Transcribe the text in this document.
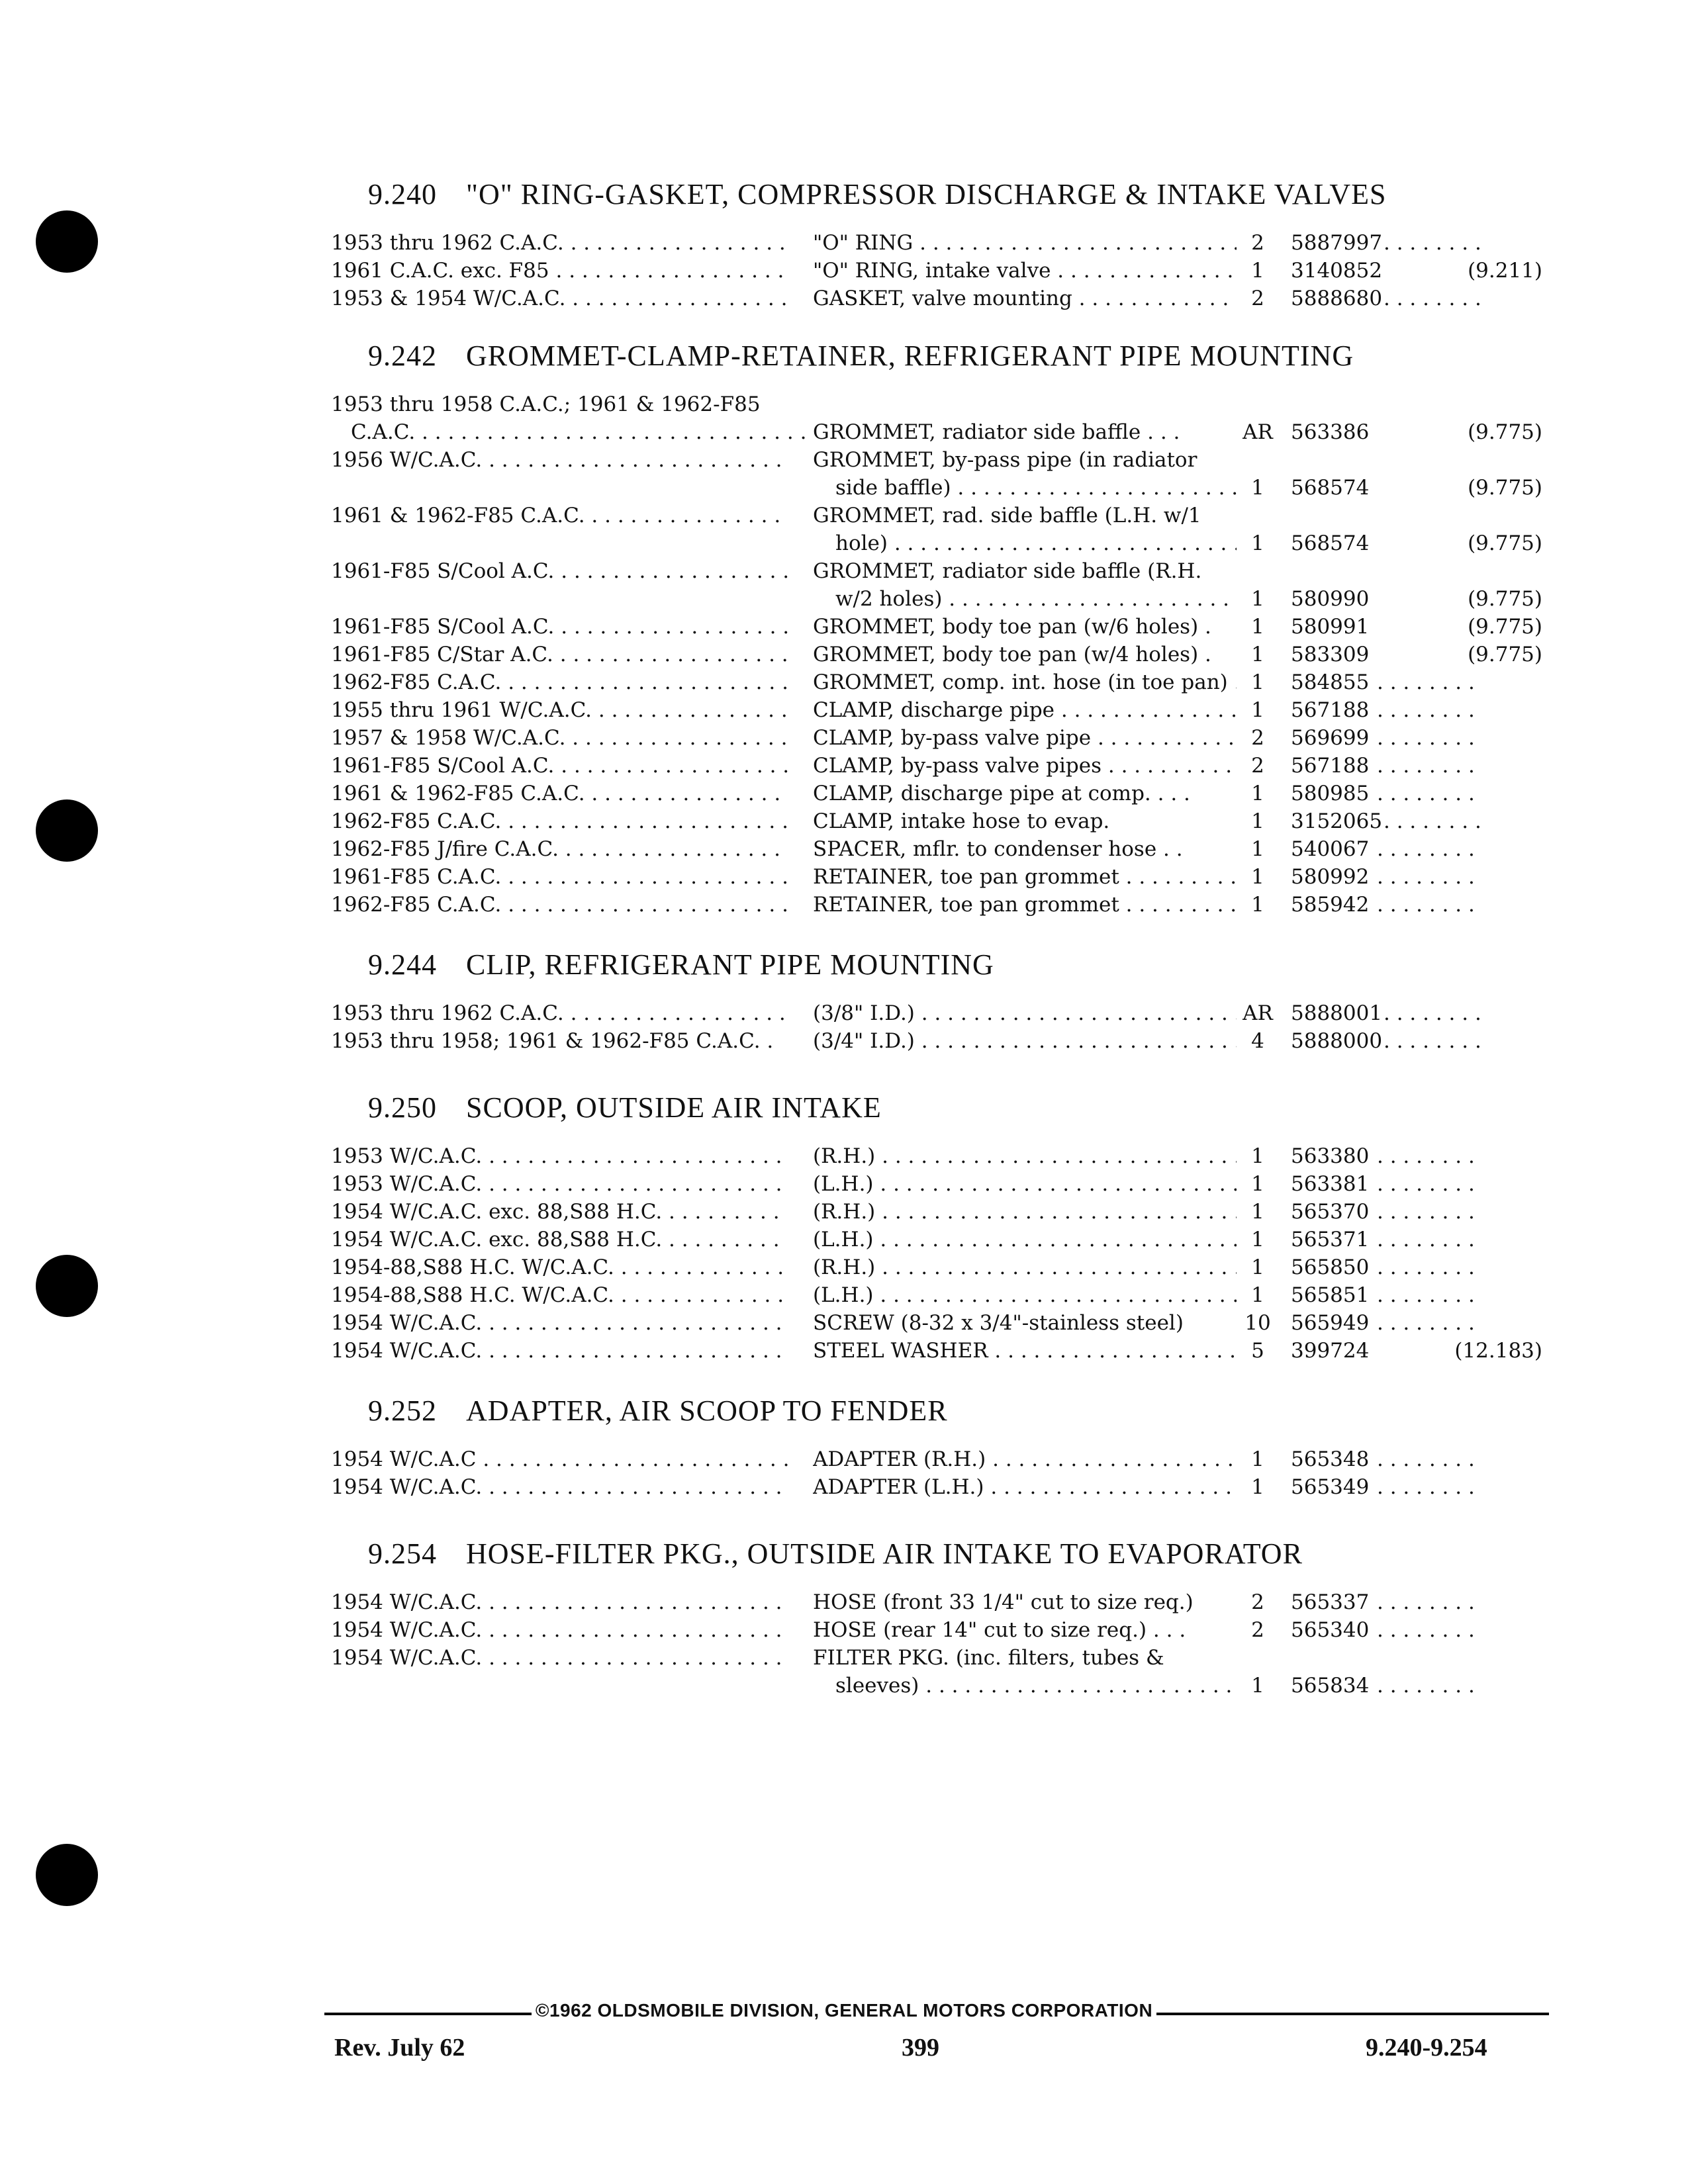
9.240 "O" RING-GASKET, COMPRESSOR DISCHARGE & INTAKE VALVES
1953 thru 1962 C.A.C. . . .	"O" RING . . .	2	5887997 . . . . . . . .
1961 C.A.C. exc. F85 . . .	"O" RING, intake valve . . .	1	3140852	(9.211)
1953 & 1954 W/C.A.C. . . .	GASKET, valve mounting . . .	2	5888680 . . . . . . . .
9.242 GROMMET-CLAMP-RETAINER, REFRIGERANT PIPE MOUNTING
1953 thru 1958 C.A.C.; 1961 & 1962-F85
C.A.C. . . .	GROMMET, radiator side baffle . . .	AR 563386	(9.775)
1956 W/C.A.C. . . .	GROMMET, by-pass pipe (in radiator
side baffle) . . .	1	568574	(9.775)
1961 & 1962-F85 C.A.C. . . .	GROMMET, rad. side baffle (L.H. w/1
hole) . . .	1	568574	(9.775)
1961-F85 S/Cool A.C. . . .	GROMMET, radiator side baffle (R.H.
w/2 holes) . . .	1	580990	(9.775)
1961-F85 S/Cool A.C. . . .	GROMMET, body toe pan (w/6 holes) .	1	580991	(9.775)
1961-F85 C/Star A.C. . . .	GROMMET, body toe pan (w/4 holes) .	1	583309	(9.775)
1962-F85 C.A.C. . . .	GROMMET, comp. int. hose (in toe pan) . . .	1	584855 . . . . . . . .
1955 thru 1961 W/C.A.C. . . .	CLAMP, discharge pipe . . .	1	567188 . . . . . . . .
1957 & 1958 W/C.A.C. . . .	CLAMP, by-pass valve pipe . . .	2	569699 . . . . . . . .
1961-F85 S/Cool A.C. . . .	CLAMP, by-pass valve pipes . . .	2	567188 . . . . . . . .
1961 & 1962-F85 C.A.C. . . .	CLAMP, discharge pipe at comp. . . .	1	580985 . . . . . . . .
1962-F85 C.A.C. . . .	CLAMP, intake hose to evap.	1	3152065 . . . . . . . .
1962-F85 J/fire C.A.C. . . .	SPACER, mflr. to condenser hose . .	1	540067 . . . . . . . .
1961-F85 C.A.C. . . .	RETAINER, toe pan grommet . . .	1	580992 . . . . . . . .
1962-F85 C.A.C. . . .	RETAINER, toe pan grommet . . .	1	585942 . . . . . . . .
9.244 CLIP, REFRIGERANT PIPE MOUNTING
1953 thru 1962 C.A.C. . . .	(3/8" I.D.) . . .	AR 5888001 . . . . . . . .
1953 thru 1958; 1961 & 1962-F85 C.A.C. .	(3/4" I.D.) . . .	4	5888000 . . . . . . . .
9.250 SCOOP, OUTSIDE AIR INTAKE
1953 W/C.A.C. . . .	(R.H.) . . .	1	563380 . . . . . . . .
1953 W/C.A.C. . . .	(L.H.) . . .	1	563381 . . . . . . . .
1954 W/C.A.C. exc. 88,S88 H.C. . . .	(R.H.) . . .	1	565370 . . . . . . . .
1954 W/C.A.C. exc. 88,S88 H.C. . . .	(L.H.) . . .	1	565371 . . . . . . . .
1954-88,S88 H.C. W/C.A.C. . . .	(R.H.) . . .	1	565850 . . . . . . . .
1954-88,S88 H.C. W/C.A.C. . . .	(L.H.) . . .	1	565851 . . . . . . . .
1954 W/C.A.C. . . .	SCREW (8-32 x 3/4"-stainless steel)	10 565949 . . . . . . . .
1954 W/C.A.C. . . .	STEEL WASHER . . .	5	399724	(12.183)
9.252 ADAPTER, AIR SCOOP TO FENDER
1954 W/C.A.C . . .	ADAPTER (R.H.) . . .	1	565348 . . . . . . . .
1954 W/C.A.C. . . .	ADAPTER (L.H.) . . .	1	565349 . . . . . . . .
9.254 HOSE-FILTER PKG., OUTSIDE AIR INTAKE TO EVAPORATOR
1954 W/C.A.C. . . .	HOSE (front 33 1/4" cut to size req.)	2	565337 . . . . . . . .
1954 W/C.A.C. . . .	HOSE (rear 14" cut to size req.) . . .	2	565340 . . . . . . . .
1954 W/C.A.C. . . .	FILTER PKG. (inc. filters, tubes &
sleeves) . . .	1	565834 . . . . . . . .
©1962 OLDSMOBILE DIVISION, GENERAL MOTORS CORPORATION
Rev. July 62	399	9.240-9.254
